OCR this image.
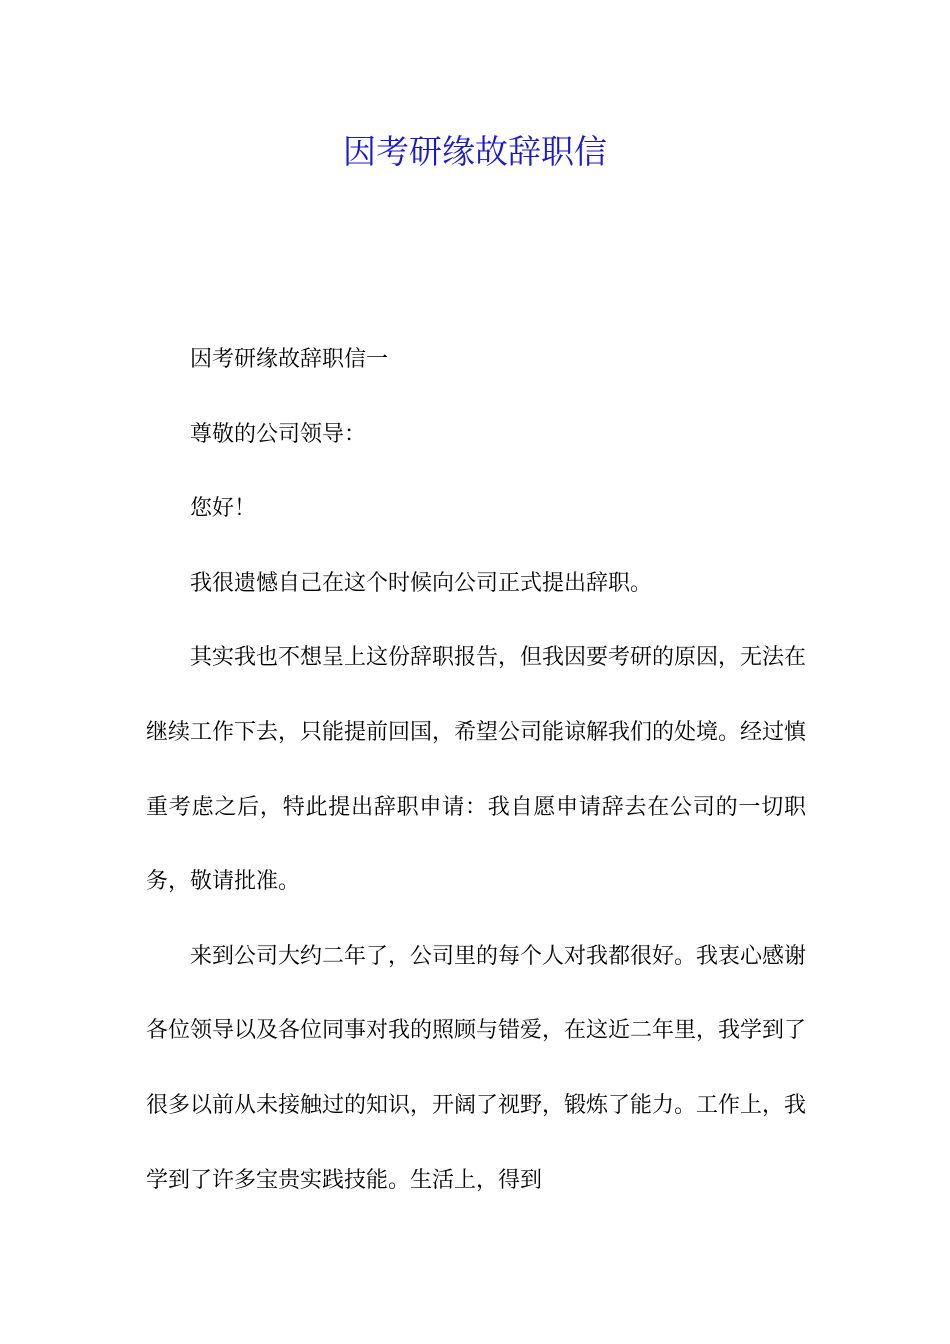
因考研缘故辞职信

因考研缘故辞职信一

尊敬的公司领导：

您好！

我很遗憾自己在这个时候向公司正式提出辞职。

其实我也不想呈上这份辞职报告，但我因要考研的原因，无法在继续工作下去，只能提前回国，希望公司能谅解我们的处境。经过慎重考虑之后，特此提出辞职申请：我自愿申请辞去在公司的一切职务，敬请批准。

来到公司大约二年了，公司里的每个人对我都很好。我衷心感谢各位领导以及各位同事对我的照顾与错爱，在这近二年里，我学到了很多以前从未接触过的知识，开阔了视野，锻炼了能力。工作上，我学到了许多宝贵实践技能。生活上，得到
